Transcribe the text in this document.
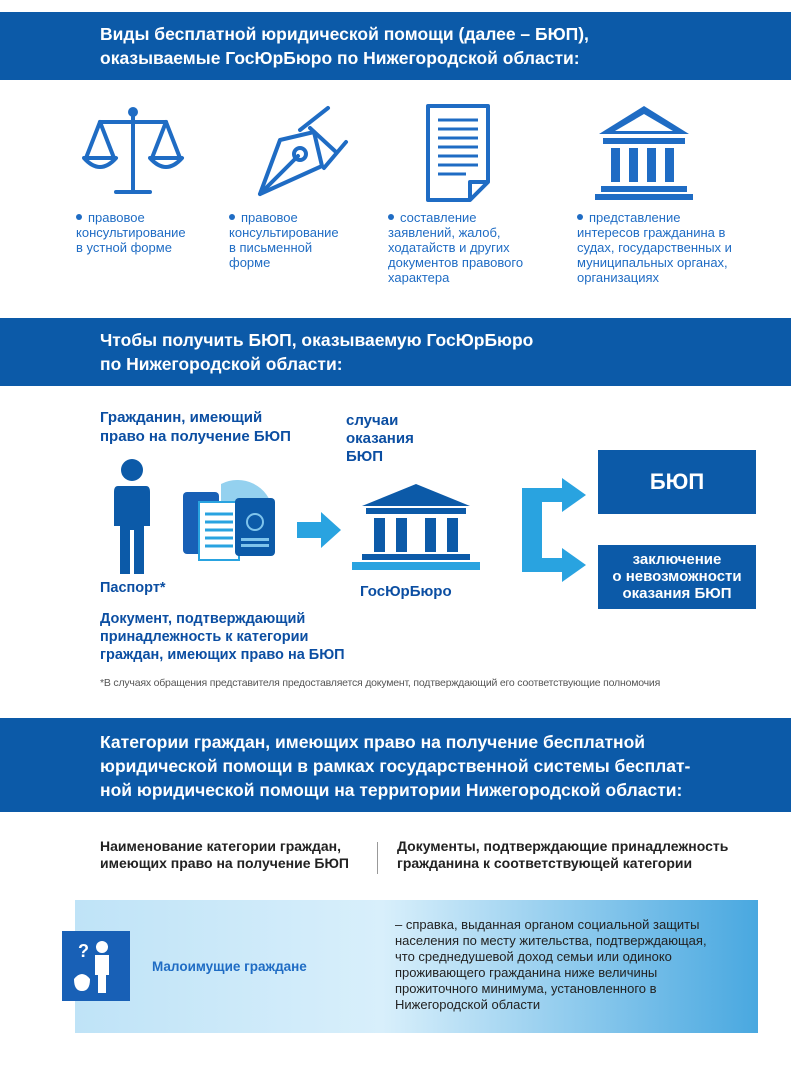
Виды бесплатной юридической помощи (далее – БЮП),
оказываемые ГосЮрБюро по Нижегородской области:
правовое
консультирование
в устной форме
правовое
консультирование
в письменной
форме
составление
заявлений, жалоб,
ходатайств и других
документов правового
характера
представление
интересов гражданина в
судах, государственных и
муниципальных органах,
организациях
Чтобы получить БЮП, оказываемую ГосЮрБюро
по Нижегородской области:
Гражданин, имеющий
право на получение БЮП
случаи
оказания
БЮП
ГосЮрБюро
БЮП
заключение
о невозможности
оказания БЮП
Паспорт*
Документ, подтверждающий
принадлежность к категории
граждан, имеющих право на БЮП
*В случаях обращения представителя предоставляется документ, подтверждающий его соответствующие полномочия
Категории граждан, имеющих право на получение бесплатной
юридической помощи в рамках государственной системы бесплат-
ной юридической помощи на территории Нижегородской области:
Наименование категории граждан,
имеющих право на получение БЮП
Документы, подтверждающие принадлежность
гражданина к соответствующей категории
?
Малоимущие граждане
– справка, выданная органом социальной защиты
населения по месту жительства, подтверждающая,
что среднедушевой доход семьи или одиноко
проживающего гражданина ниже величины
прожиточного минимума, установленного в
Нижегородской области
